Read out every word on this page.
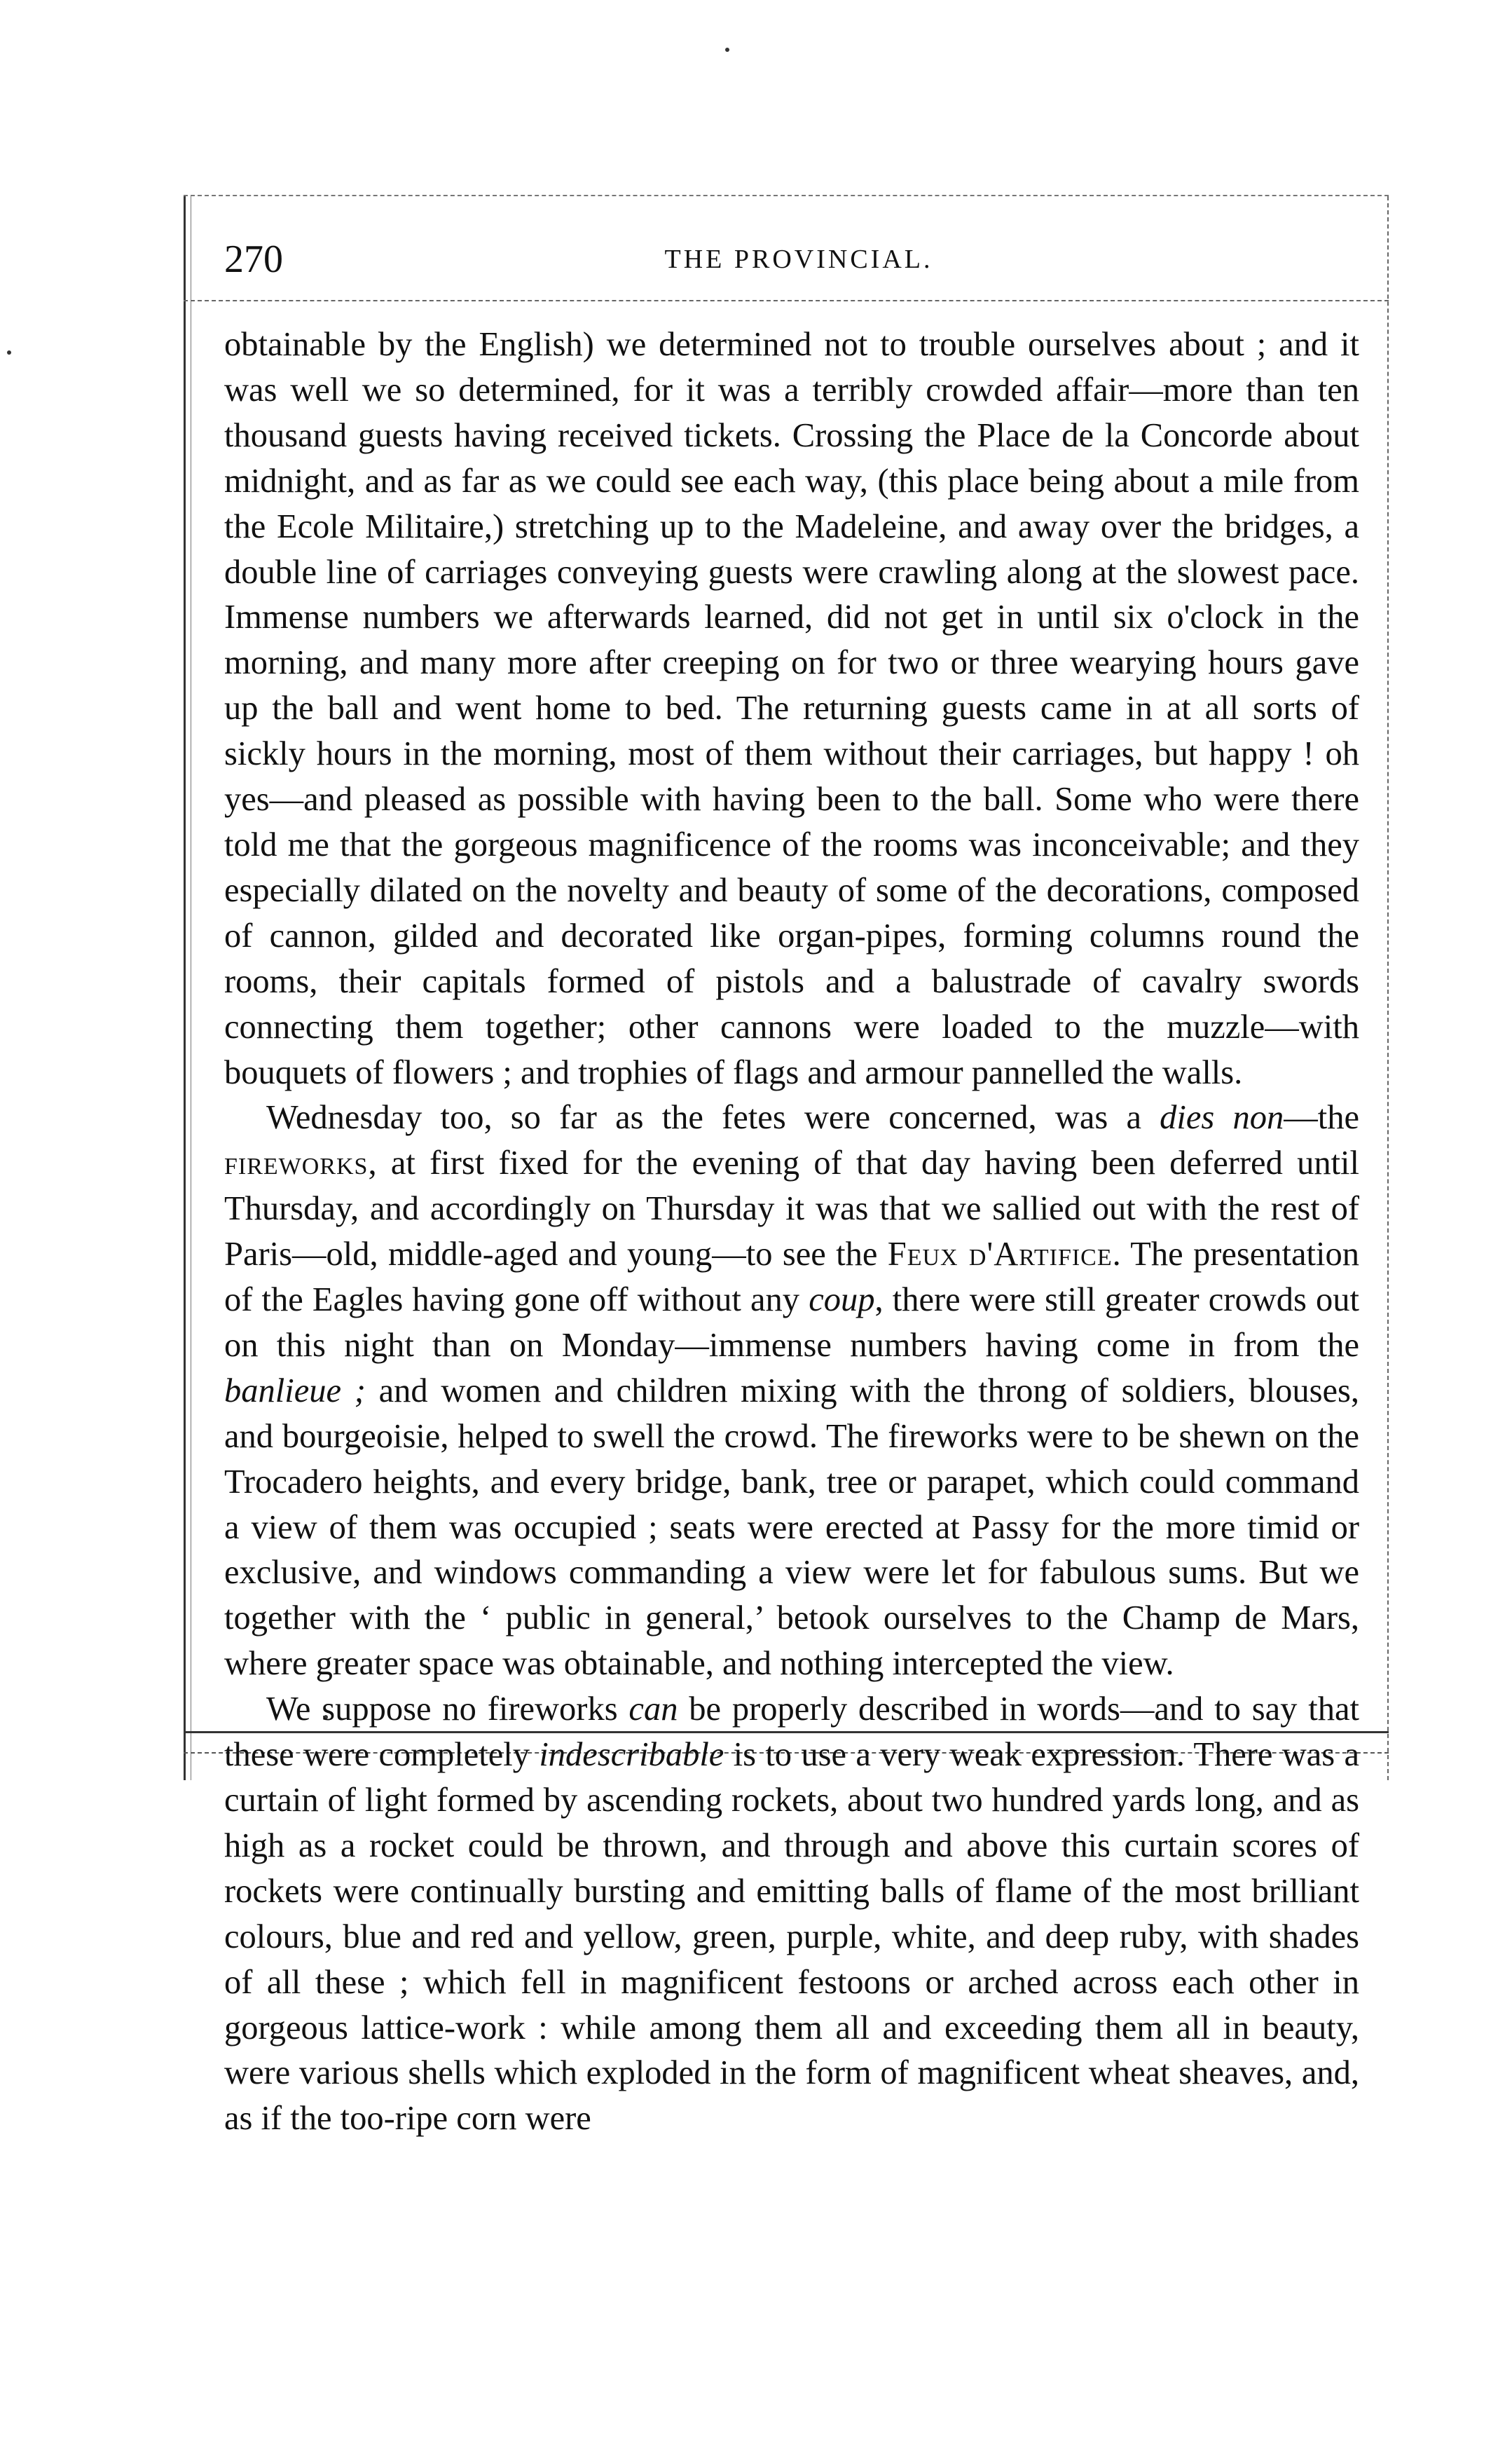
270	THE PROVINCIAL.

obtainable by the English) we determined not to trouble ourselves about ; and it was well we so determined, for it was a terribly crowded affair—more than ten thousand guests having received tickets. Crossing the Place de la Concorde about midnight, and as far as we could see each way, (this place being about a mile from the Ecole Militaire,) stretching up to the Madeleine, and away over the bridges, a double line of carriages conveying guests were crawling along at the slowest pace. Immense numbers we afterwards learned, did not get in until six o'clock in the morning, and many more after creeping on for two or three wearying hours gave up the ball and went home to bed. The returning guests came in at all sorts of sickly hours in the morning, most of them without their carriages, but happy ! oh yes—and pleased as possible with having been to the ball. Some who were there told me that the gorgeous magnificence of the rooms was inconceivable; and they especially dilated on the novelty and beauty of some of the decorations, composed of cannon, gilded and decorated like organ-pipes, forming columns round the rooms, their capitals formed of pistols and a balustrade of cavalry swords connecting them together; other cannons were loaded to the muzzle—with bouquets of flowers ; and trophies of flags and armour pannelled the walls.

Wednesday too, so far as the fetes were concerned, was a dies non—the fireworks, at first fixed for the evening of that day having been deferred until Thursday, and accordingly on Thursday it was that we sallied out with the rest of Paris—old, middle-aged and young—to see the Feux d'Artifice. The presentation of the Eagles having gone off without any coup, there were still greater crowds out on this night than on Monday—immense numbers having come in from the banlieue ; and women and children mixing with the throng of soldiers, blouses, and bourgeoisie, helped to swell the crowd. The fireworks were to be shewn on the Trocadero heights, and every bridge, bank, tree or parapet, which could command a view of them was occupied ; seats were erected at Passy for the more timid or exclusive, and windows commanding a view were let for fabulous sums. But we together with the ‘ public in general,’ betook ourselves to the Champ de Mars, where greater space was obtainable, and nothing intercepted the view.

We suppose no fireworks can be properly described in words—and to say that these were completely indescribable is to use a very weak expression. There was a curtain of light formed by ascending rockets, about two hundred yards long, and as high as a rocket could be thrown, and through and above this curtain scores of rockets were continually bursting and emitting balls of flame of the most brilliant colours, blue and red and yellow, green, purple, white, and deep ruby, with shades of all these ; which fell in magnificent festoons or arched across each other in gorgeous lattice-work : while among them all and exceeding them all in beauty, were various shells which exploded in the form of magnificent wheat sheaves, and, as if the too-ripe corn were
